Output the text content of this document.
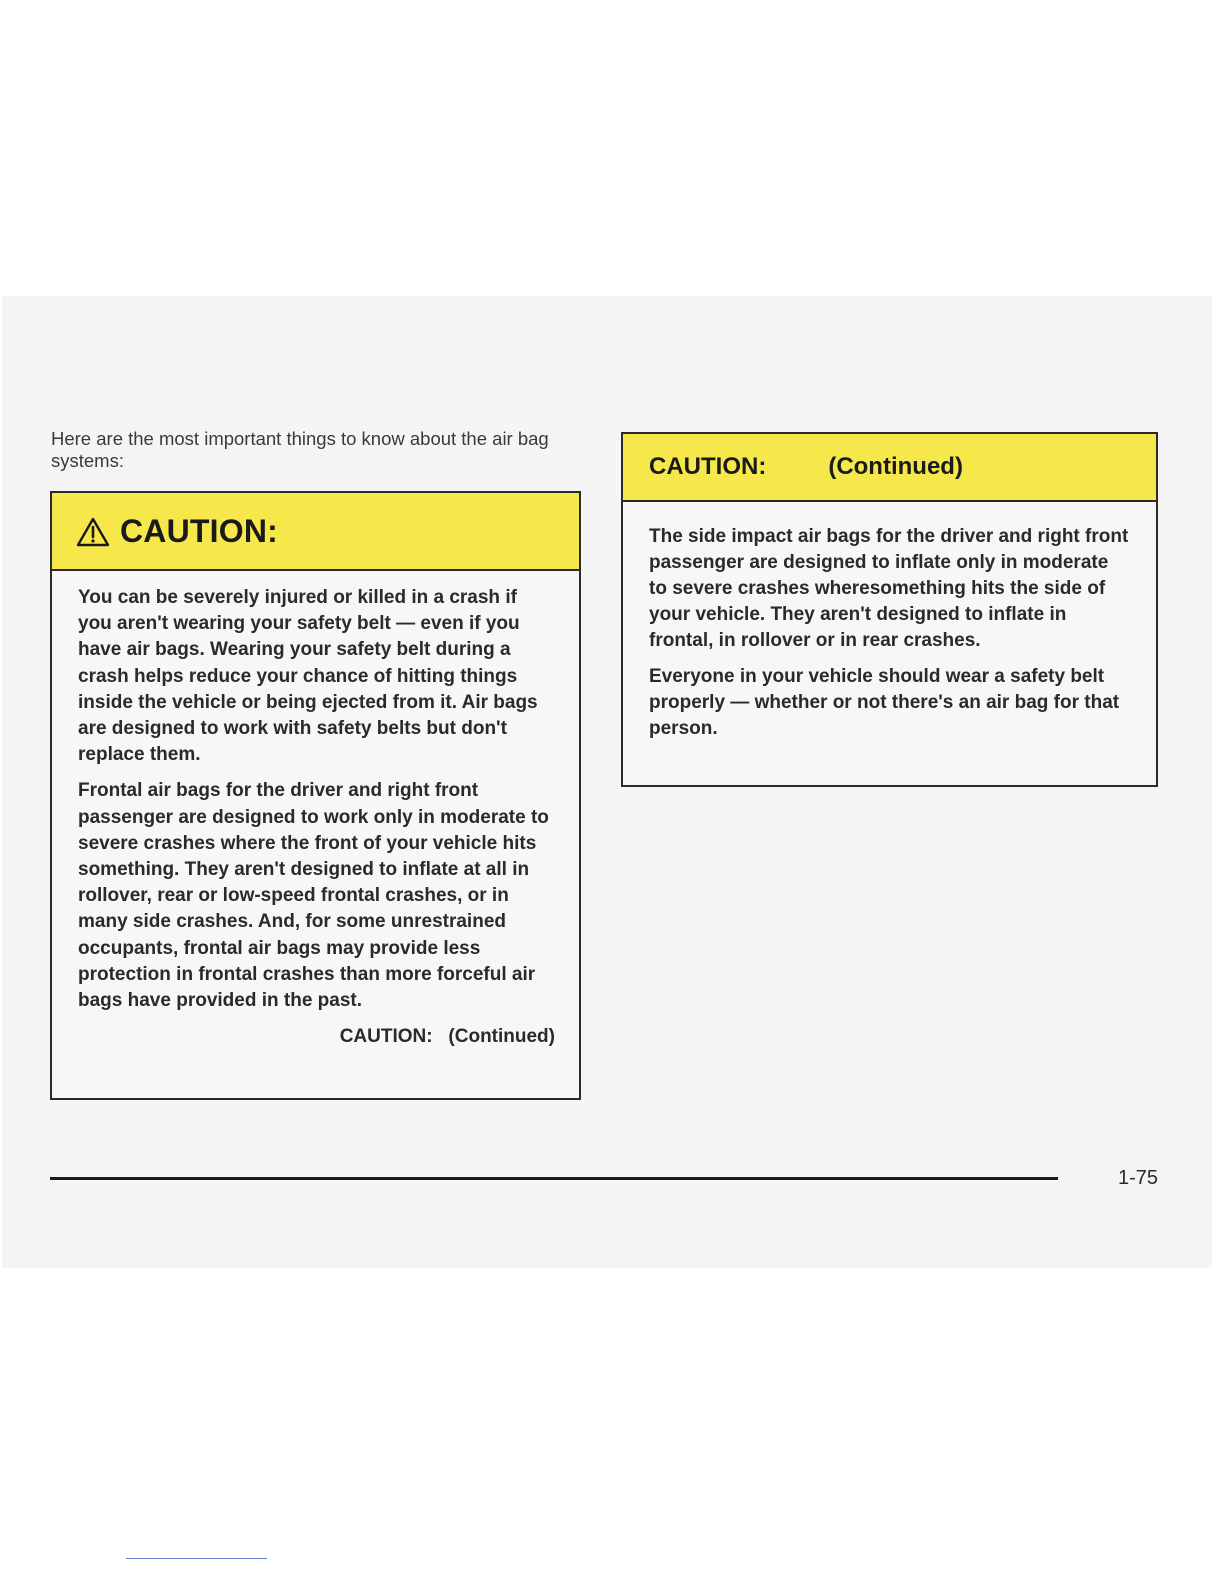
Here are the most important things to know about the air bag systems:

CAUTION:

You can be severely injured or killed in a crash if you aren't wearing your safety belt — even if you have air bags. Wearing your safety belt during a crash helps reduce your chance of hitting things inside the vehicle or being ejected from it. Air bags are designed to work with safety belts but don't replace them.

Frontal air bags for the driver and right front passenger are designed to work only in moderate to severe crashes where the front of your vehicle hits something. They aren't designed to inflate at all in rollover, rear or low-speed frontal crashes, or in many side crashes. And, for some unrestrained occupants, frontal air bags may provide less protection in frontal crashes than more forceful air bags have provided in the past.

CAUTION:   (Continued)

CAUTION:   (Continued)

The side impact air bags for the driver and right front passenger are designed to inflate only in moderate to severe crashes wheresomething hits the side of your vehicle. They aren't designed to inflate in frontal, in rollover or in rear crashes.

Everyone in your vehicle should wear a safety belt properly — whether or not there's an air bag for that person.

1-75
